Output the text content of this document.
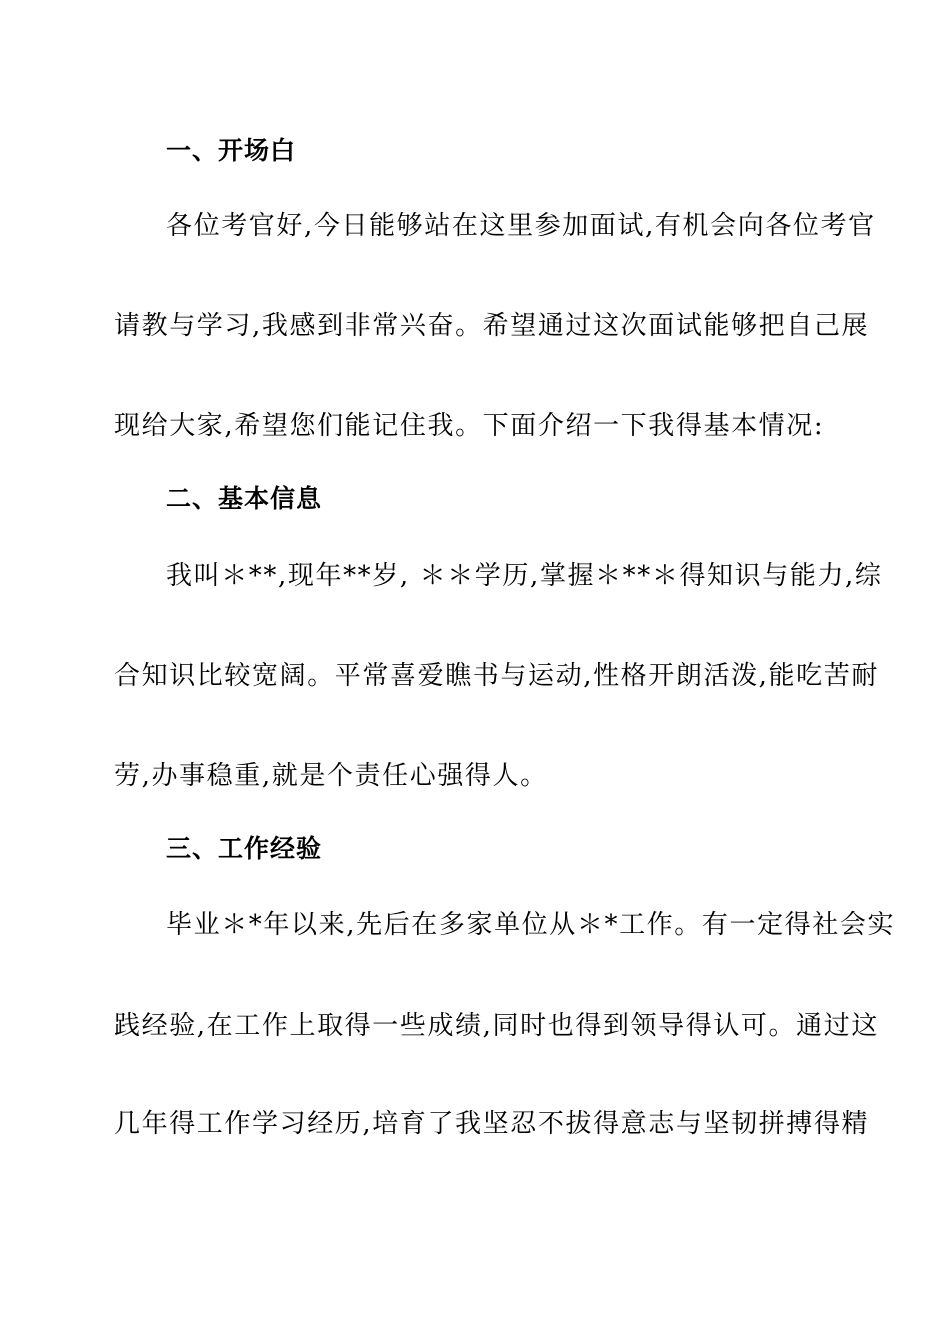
一、开场白
各位考官好,今日能够站在这里参加面试,有机会向各位考官
请教与学习,我感到非常兴奋。希望通过这次面试能够把自己展
现给大家,希望您们能记住我。下面介绍一下我得基本情况:
二、基本信息
我叫＊**,现年**岁, ＊＊学历,掌握＊**＊得知识与能力,综
合知识比较宽阔。平常喜爱瞧书与运动,性格开朗活泼,能吃苦耐
劳,办事稳重,就是个责任心强得人。
三、工作经验
毕业＊*年以来,先后在多家单位从＊*工作。有一定得社会实
践经验,在工作上取得一些成绩,同时也得到领导得认可。通过这
几年得工作学习经历,培育了我坚忍不拔得意志与坚韧拼搏得精
